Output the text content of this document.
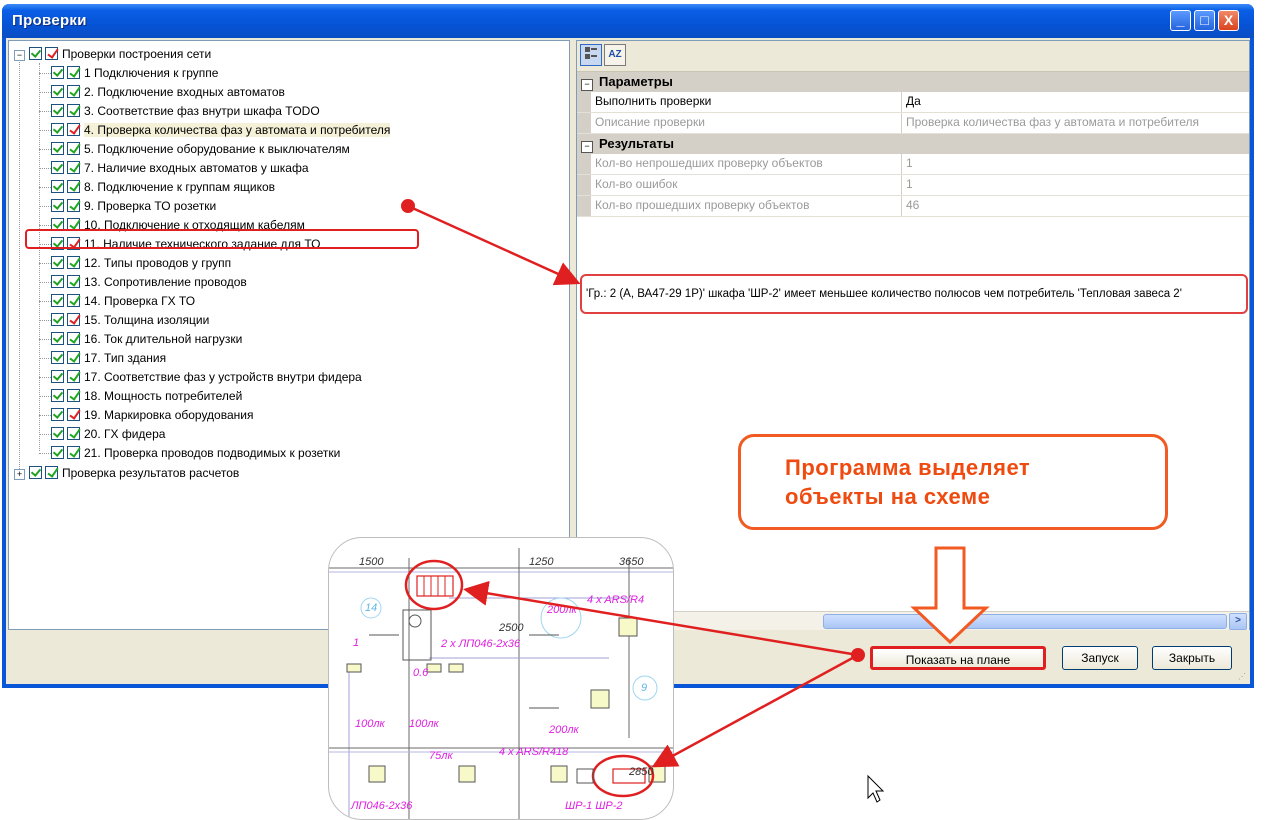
Проверки	_	□	X
−	Проверки построения сети
1 Подключения к группе
2. Подключение входных автоматов
3. Соответствие фаз внутри шкафа TODO
4. Проверка количества фаз у автомата и потребителя
5. Подключение оборудование к выключателям
7. Наличие входных автоматов у шкафа
8. Подключение к группам ящиков
9. Проверка ТО розетки
10. Подключение к отходящим кабелям
11. Наличие технического задание для ТО
12. Типы проводов у групп
13. Сопротивление проводов
14. Проверка ГХ ТО
15. Толщина изоляции
16. Ток длительной нагрузки
17. Тип здания
17. Соответствие фаз у устройств внутри фидера
18. Мощность потребителей
19. Маркировка оборудования
20. ГХ фидера
21. Проверка проводов подводимых к розетки
+	Проверка результатов расчетов
AZ
− Параметры
Выполнить проверки	Да
Описание проверки	Проверка количества фаз у автомата и потребителя
− Результаты
Кол-во непрошедших проверку объектов	1
Кол-во ошибок	1
Кол-во прошедших проверку объектов	46
'Гр.: 2 (А, ВА47-29 1Р)' шкафа 'ШР-2' имеет меньшее количество полюсов чем потребитель 'Тепловая завеса 2'
>
Показать на плане	Запуск	Закрыть
⋰
Программа выделяет
объекты на схеме
1
0.6
1500	1250	3650
2500
2850
4 x ARS/R4
2 x ЛП046-2x36
100лк
100лк
200лк
200лк
75лк	4 x ARS/R418
ЛП046-2x36	ШР-1 ШР-2
14
9
